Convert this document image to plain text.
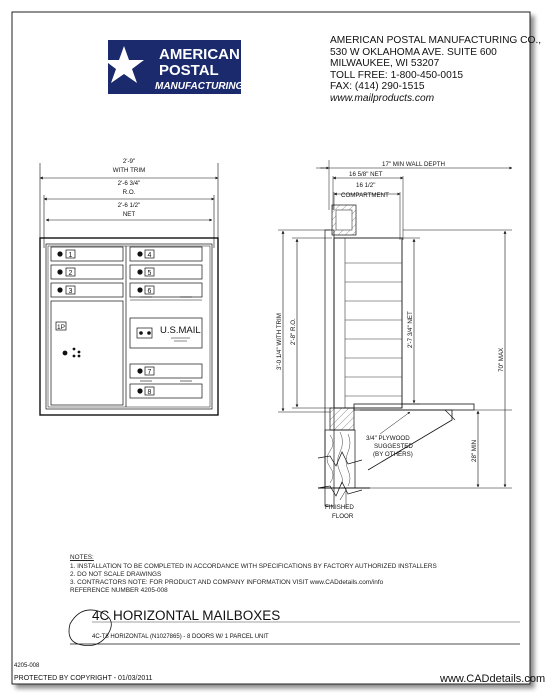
AMERICAN
POSTAL
MANUFACTURING
2'-9"
WITH TRIM
2'-6 3/4"
R.O.
2'-6 1/2"
NET
1
2
3
4
5
6
7
8
1P	U.S.MAIL
17" MIN WALL DEPTH
16 5/8" NET
16 1/2"
COMPARTMENT
3'-0 1/4" WITH TRIM 2'-8" R.O.	2'-7 3/4" NET
70" MAX
28" MIN
3/4" PLYWOOD
SUGGESTED
(BY OTHERS)
FINISHED
FLOOR
AMERICAN POSTAL MANUFACTURING CO.,
530 W OKLAHOMA AVE. SUITE 600
MILWAUKEE, WI 53207
TOLL FREE: 1-800-450-0015
FAX: (414) 290-1515
www.mailproducts.com
NOTES:
1. INSTALLATION TO BE COMPLETED IN ACCORDANCE WITH SPECIFICATIONS BY FACTORY AUTHORIZED INSTALLERS
2. DO NOT SCALE DRAWINGS
3. CONTRACTORS NOTE: FOR PRODUCT AND COMPANY INFORMATION VISIT www.CADdetails.com/info
REFERENCE NUMBER 4205-008
4C HORIZONTAL MAILBOXES
4C-T8 HORIZONTAL (N1027865) - 8 DOORS W/ 1 PARCEL UNIT
4205-008
PROTECTED BY COPYRIGHT - 01/03/2011	www.CADdetails.com
